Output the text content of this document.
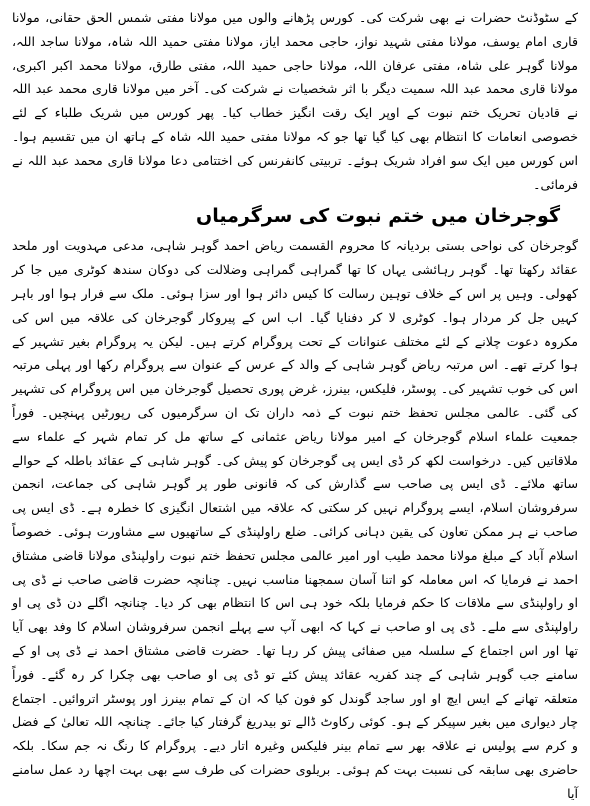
کے سٹوڈنٹ حضرات نے بھی شرکت کی۔ کورس پڑھانے والوں میں مولانا مفتی شمس الحق حقانی، مولانا قاری امام یوسف، مولانا مفتی شہید نواز، حاجی محمد ایاز، مولانا مفتی حمید اللہ شاہ، مولانا ساجد اللہ، مولانا گوہر علی شاہ، مفتی عرفان اللہ، مولانا حاجی حمید اللہ، مفتی طارق، مولانا محمد اکبر اکبری، مولانا قاری محمد عبد اللہ سمیت دیگر با اثر شخصیات نے شرکت کی۔ آخر میں مولانا قاری محمد عبد اللہ نے قادیان تحریک ختم نبوت کے اوپر ایک رقت انگیز خطاب کیا۔ پھر کورس میں شریک طلباء کے لئے خصوصی انعامات کا انتظام بھی کیا گیا تھا جو کہ مولانا مفتی حمید اللہ شاہ کے ہاتھ ان میں تقسیم ہوا۔ اس کورس میں ایک سو افراد شریک ہوئے۔ تربیتی کانفرنس کی اختتامی دعا مولانا قاری محمد عبد اللہ نے فرمائی۔

گوجرخان میں ختم نبوت کی سرگرمیاں

گوجرخان کی نواحی بستی بردیانہ کا محروم القسمت ریاض احمد گوہر شاہی، مدعی مہدویت اور ملحد عقائد رکھتا تھا۔ گوہر رہائشی یہاں کا تھا گمراہی گمراہی وضلالت کی دوکان سندھ کوٹری میں جا کر کھولی۔ وہیں پر اس کے خلاف توہین رسالت کا کیس دائر ہوا اور سزا ہوئی۔ ملک سے فرار ہوا اور باہر کہیں جل کر مردار ہوا۔ کوٹری لا کر دفنایا گیا۔ اب اس کے پیروکار گوجرخان کی علاقہ میں اس کی مکروہ دعوت چلانے کے لئے مختلف عنوانات کے تحت پروگرام کرتے ہیں۔ لیکن یہ پروگرام بغیر تشہیر کے ہوا کرتے تھے۔ اس مرتبہ ریاض گوہر شاہی کے والد کے عرس کے عنوان سے پروگرام رکھا اور پہلی مرتبہ اس کی خوب تشہیر کی۔ پوسٹر، فلیکس، بینرز، غرض پوری تحصیل گوجرخان میں اس پروگرام کی تشہیر کی گئی۔ عالمی مجلس تحفظ ختم نبوت کے ذمہ داران تک ان سرگرمیوں کی رپورٹیں پہنچیں۔ فوراً جمعیت علماء اسلام گوجرخان کے امیر مولانا ریاض عثمانی کے ساتھ مل کر تمام شہر کے علماء سے ملاقاتیں کیں۔ درخواست لکھ کر ڈی ایس پی گوجرخان کو پیش کی۔ گوہر شاہی کے عقائد باطلہ کے حوالے ساتھ ملائے۔ ڈی ایس پی صاحب سے گذارش کی کہ قانونی طور پر گوہر شاہی کی جماعت، انجمن سرفروشان اسلام، ایسے پروگرام نہیں کر سکتی کہ علاقہ میں اشتعال انگیزی کا خطرہ ہے۔ ڈی ایس پی صاحب نے ہر ممکن تعاون کی یقین دہانی کرائی۔ ضلع راولپنڈی کے ساتھیوں سے مشاورت ہوئی۔ خصوصاً اسلام آباد کے مبلغ مولانا محمد طیب اور امیر عالمی مجلس تحفظ ختم نبوت راولپنڈی مولانا قاضی مشتاق احمد نے فرمایا کہ اس معاملہ کو اتنا آسان سمجھنا مناسب نہیں۔ چنانچہ حضرت قاضی صاحب نے ڈی پی او راولپنڈی سے ملاقات کا حکم فرمایا بلکہ خود ہی اس کا انتظام بھی کر دیا۔ چنانچہ اگلے دن ڈی پی او راولپنڈی سے ملے۔ ڈی پی او صاحب نے کہا کہ ابھی آپ سے پہلے انجمن سرفروشان اسلام کا وفد بھی آیا تھا اور اس اجتماع کے سلسلہ میں صفائی پیش کر رہا تھا۔ حضرت قاضی مشتاق احمد نے ڈی پی او کے سامنے جب گوہر شاہی کے چند کفریہ عقائد پیش کئے تو ڈی پی او صاحب بھی چکرا کر رہ گئے۔ فوراً متعلقہ تھانے کے ایس ایچ او اور ساجد گوندل کو فون کیا کہ ان کے تمام بینرز اور پوسٹر اتروائیں۔ اجتماع چار دیواری میں بغیر سپیکر کے ہو۔ کوئی رکاوٹ ڈالے تو بیدریغ گرفتار کیا جائے۔ چنانچہ اللہ تعالیٰ کے فضل و کرم سے پولیس نے علاقہ بھر سے تمام بینر فلیکس وغیرہ اتار دیے۔ پروگرام کا رنگ نہ جم سکا۔ بلکہ حاضری بھی سابقہ کی نسبت بہت کم ہوئی۔ بریلوی حضرات کی طرف سے بھی بہت اچھا رد عمل سامنے آیا
